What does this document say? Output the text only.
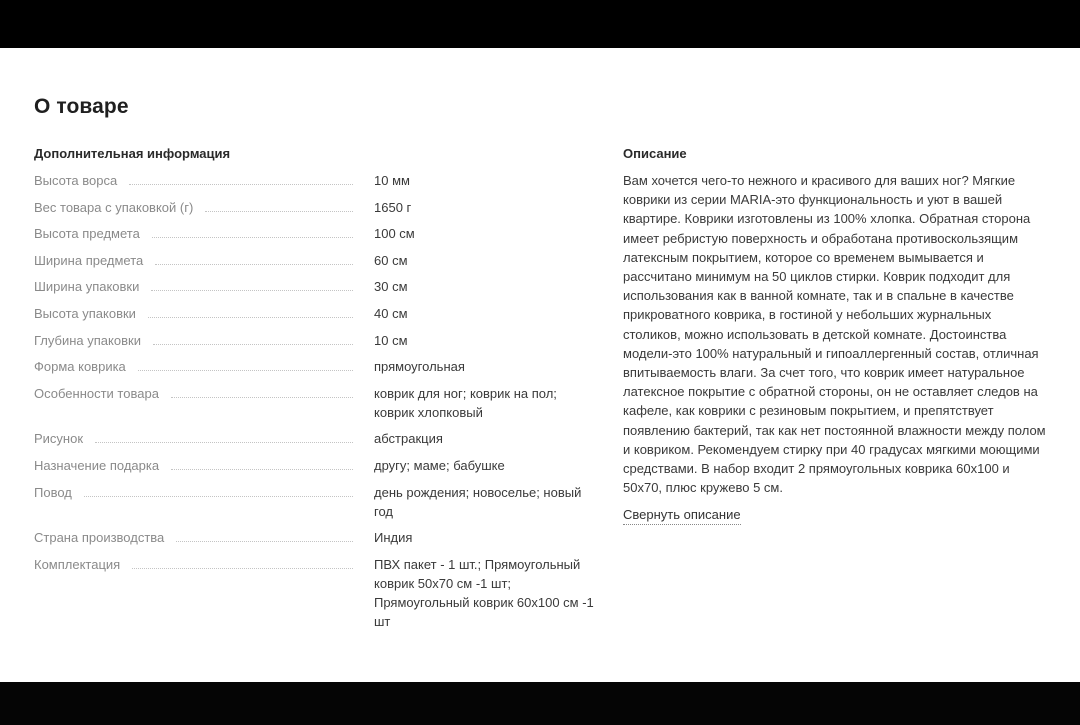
О товаре
Дополнительная информация
Высота ворса	10 мм
Вес товара с упаковкой (г)	1650 г
Высота предмета	100 см
Ширина предмета	60 см
Ширина упаковки	30 см
Высота упаковки	40 см
Глубина упаковки	10 см
Форма коврика	прямоугольная
Особенности товара	коврик для ног; коврик на пол; коврик хлопковый
Рисунок	абстракция
Назначение подарка	другу; маме; бабушке
Повод	день рождения; новоселье; новый год
Страна производства	Индия
Комплектация	ПВХ пакет - 1 шт.; Прямоугольный коврик 50х70 см -1 шт; Прямоугольный коврик 60х100 см -1 шт
Описание

Вам хочется чего-то нежного и красивого для ваших ног? Мягкие коврики из серии MARIA-это функциональность и уют в вашей квартире. Коврики изготовлены из 100% хлопка. Обратная сторона имеет ребристую поверхность и обработана противоскользящим латексным покрытием, которое со временем вымывается и рассчитано минимум на 50 циклов стирки. Коврик подходит для использования как в ванной комнате, так и в спальне в качестве прикроватного коврика, в гостиной у небольших журнальных столиков, можно использовать в детской комнате. Достоинства модели-это 100% натуральный и гипоаллергенный состав, отличная впитываемость влаги. За счет того, что коврик имеет натуральное латексное покрытие с обратной стороны, он не оставляет следов на кафеле, как коврики с резиновым покрытием, и препятствует появлению бактерий, так как нет постоянной влажности между полом и ковриком. Рекомендуем стирку при 40 градусах мягкими моющими средствами. В набор входит 2 прямоугольных коврика 60х100 и 50х70, плюс кружево 5 см.

Свернуть описание
